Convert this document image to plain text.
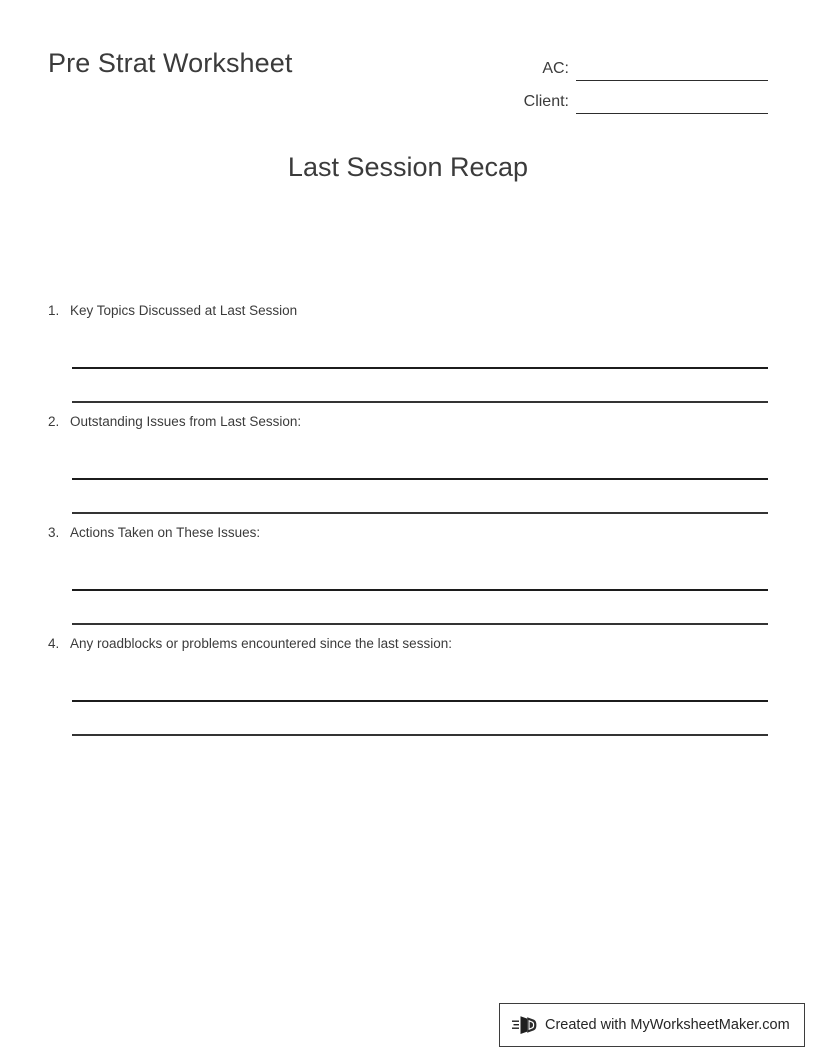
Pre Strat Worksheet	AC:
Client:
Last Session Recap
1. Key Topics Discussed at Last Session
2. Outstanding Issues from Last Session:
3. Actions Taken on These Issues:
4. Any roadblocks or problems encountered since the last session:
Created with MyWorksheetMaker.com
